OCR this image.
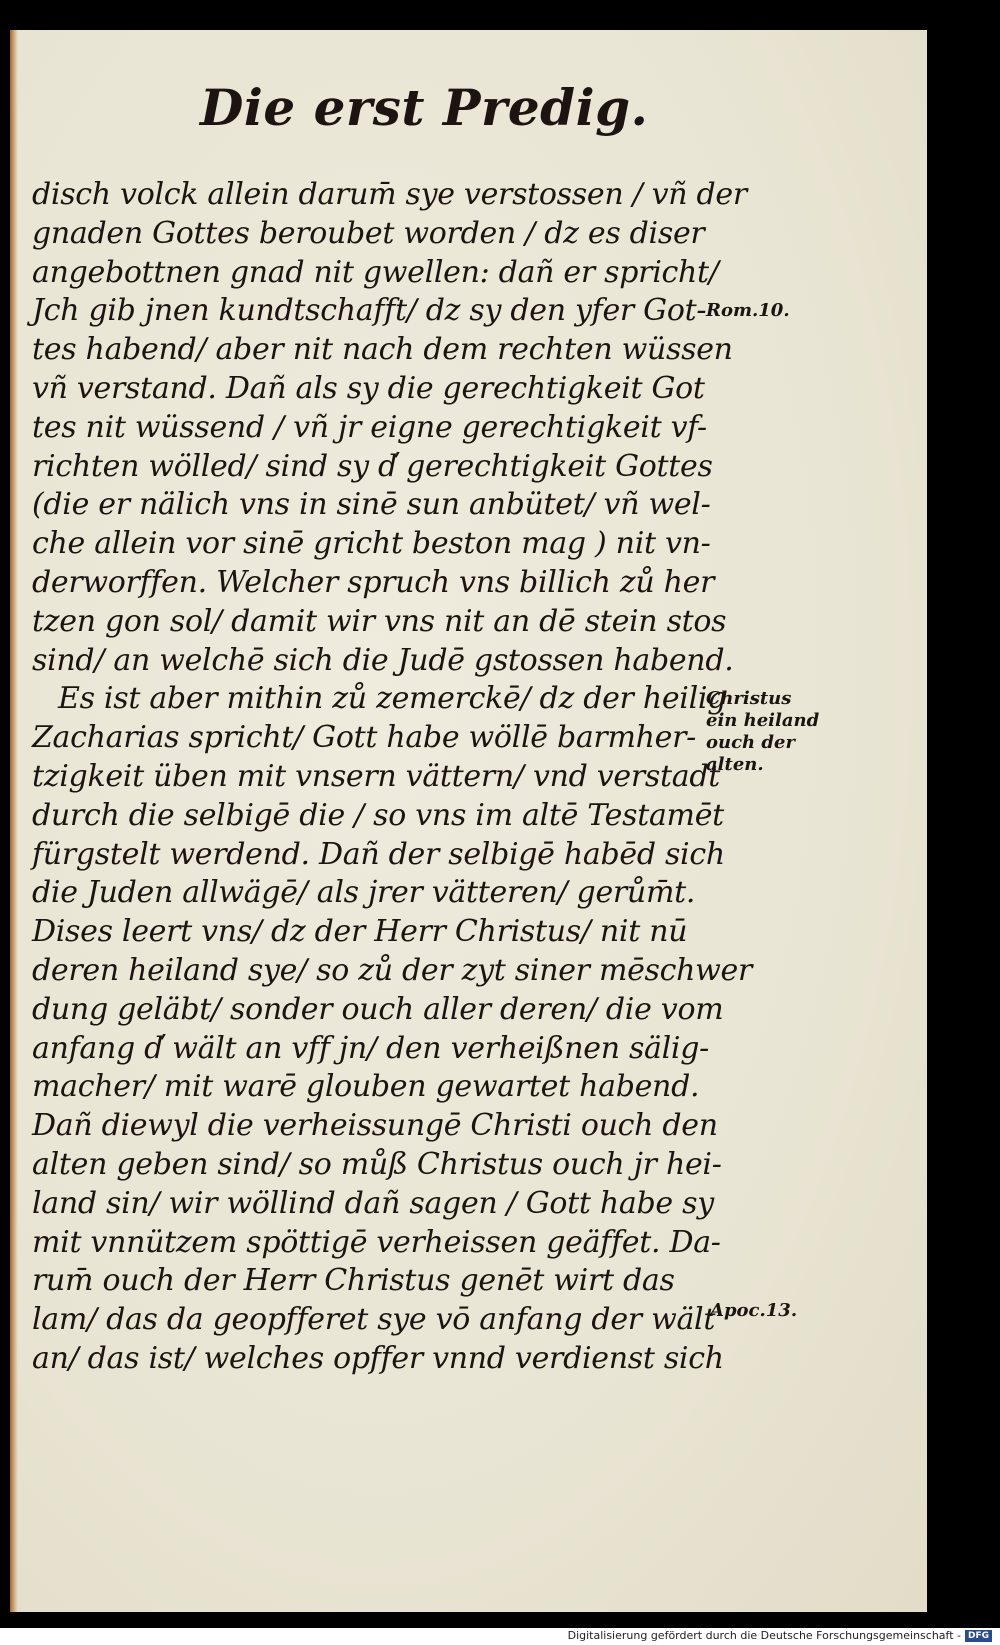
Die erst Predig.
disch volck allein darum̄ sye verstossen / vñ der
gnaden Gottes beroubet worden / dz es diser
angebottnen gnad nit gwellen: dañ er spricht/
Jch gib jnen kundtschafft/ dz sy den yfer Got-
tes habend/ aber nit nach dem rechten wüssen
vñ verstand. Dañ als sy die gerechtigkeit Got
tes nit wüssend / vñ jr eigne gerechtigkeit vf-
richten wölled/ sind sy d̕ gerechtigkeit Gottes
(die er nälich vns in sinē sun anbütet/ vñ wel-
che allein vor sinē gricht beston mag ) nit vn-
derworffen. Welcher spruch vns billich zů her
tzen gon sol/ damit wir vns nit an dē stein stos
sind/ an welchē sich die Judē gstossen habend.
Es ist aber mithin zů zemerckē/ dz der heilig
Zacharias spricht/ Gott habe wöllē barmher-
tzigkeit üben mit vnsern vättern/ vnd verstadt
durch die selbigē die / so vns im altē Testamēt
fürgstelt werdend. Dañ der selbigē habēd sich
die Juden allwägē/ als jrer vätteren/ gerům̄t.
Dises leert vns/ dz der Herr Christus/ nit nū
deren heiland sye/ so zů der zyt siner mēschwer
dung geläbt/ sonder ouch aller deren/ die vom
anfang d̕ wält an vff jn/ den verheißnen sälig-
macher/ mit warē glouben gewartet habend.
Dañ diewyl die verheissungē Christi ouch den
alten geben sind/ so můß Christus ouch jr hei-
land sin/ wir wöllind dañ sagen / Gott habe sy
mit vnnützem spöttigē verheissen geäffet. Da-
rum̄ ouch der Herr Christus genēt wirt das
lam/ das da geopfferet sye vō anfang der wält
an/ das ist/ welches opffer vnnd verdienst sich
Rom.10.
Christus
ein heiland
ouch der
alten.
Apoc.13.
Digitalisierung gefördert durch die Deutsche Forschungsgemeinschaft - DFG
